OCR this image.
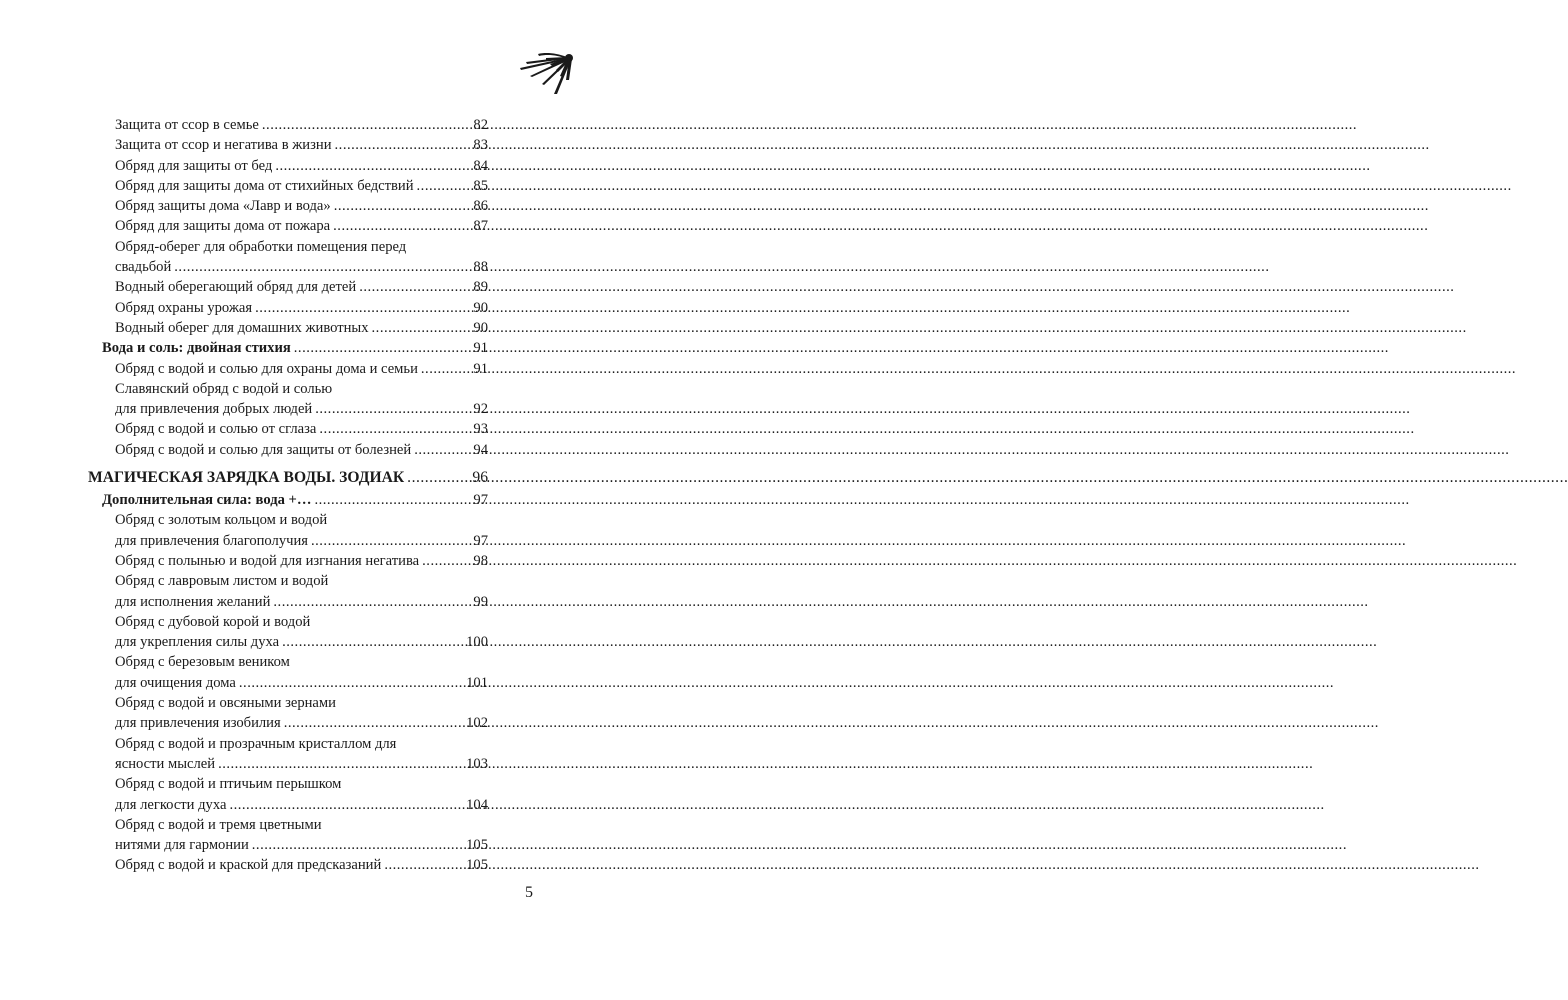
Защита от ссор в семье .....	82
Защита от ссор и негатива в жизни .....	83
Обряд для защиты от бед .....	84
Обряд для защиты дома от стихийных бедствий .....	85
Обряд защиты дома «Лавр и вода» .....	86
Обряд для защиты дома от пожара .....	87
Обряд-оберег для обработки помещения перед
свадьбой .....	88
Водный оберегающий обряд для детей .....	89
Обряд охраны урожая .....	90
Водный оберег для домашних животных .....	90
Вода и соль: двойная стихия .....	91
Обряд с водой и солью для охраны дома и семьи .....	91
Славянский обряд с водой и солью
для привлечения добрых людей .....	92
Обряд с водой и солью от сглаза .....	93
Обряд с водой и солью для защиты от болезней .....	94
МАГИЧЕСКАЯ ЗАРЯДКА ВОДЫ. ЗОДИАК .....	96
Дополнительная сила: вода +… .....	97
Обряд с золотым кольцом и водой
для привлечения благополучия .....	97
Обряд с полынью и водой для изгнания негатива .....	98
Обряд с лавровым листом и водой
для исполнения желаний .....	99
Обряд с дубовой корой и водой
для укрепления силы духа .....	100
Обряд с березовым веником
для очищения дома .....	101
Обряд с водой и овсяными зернами
для привлечения изобилия .....	102
Обряд с водой и прозрачным кристаллом для
ясности мыслей .....	103
Обряд с водой и птичьим перышком
для легкости духа .....	104
Обряд с водой и тремя цветными
нитями для гармонии .....	105
Обряд с водой и краской для предсказаний .....	105
5
